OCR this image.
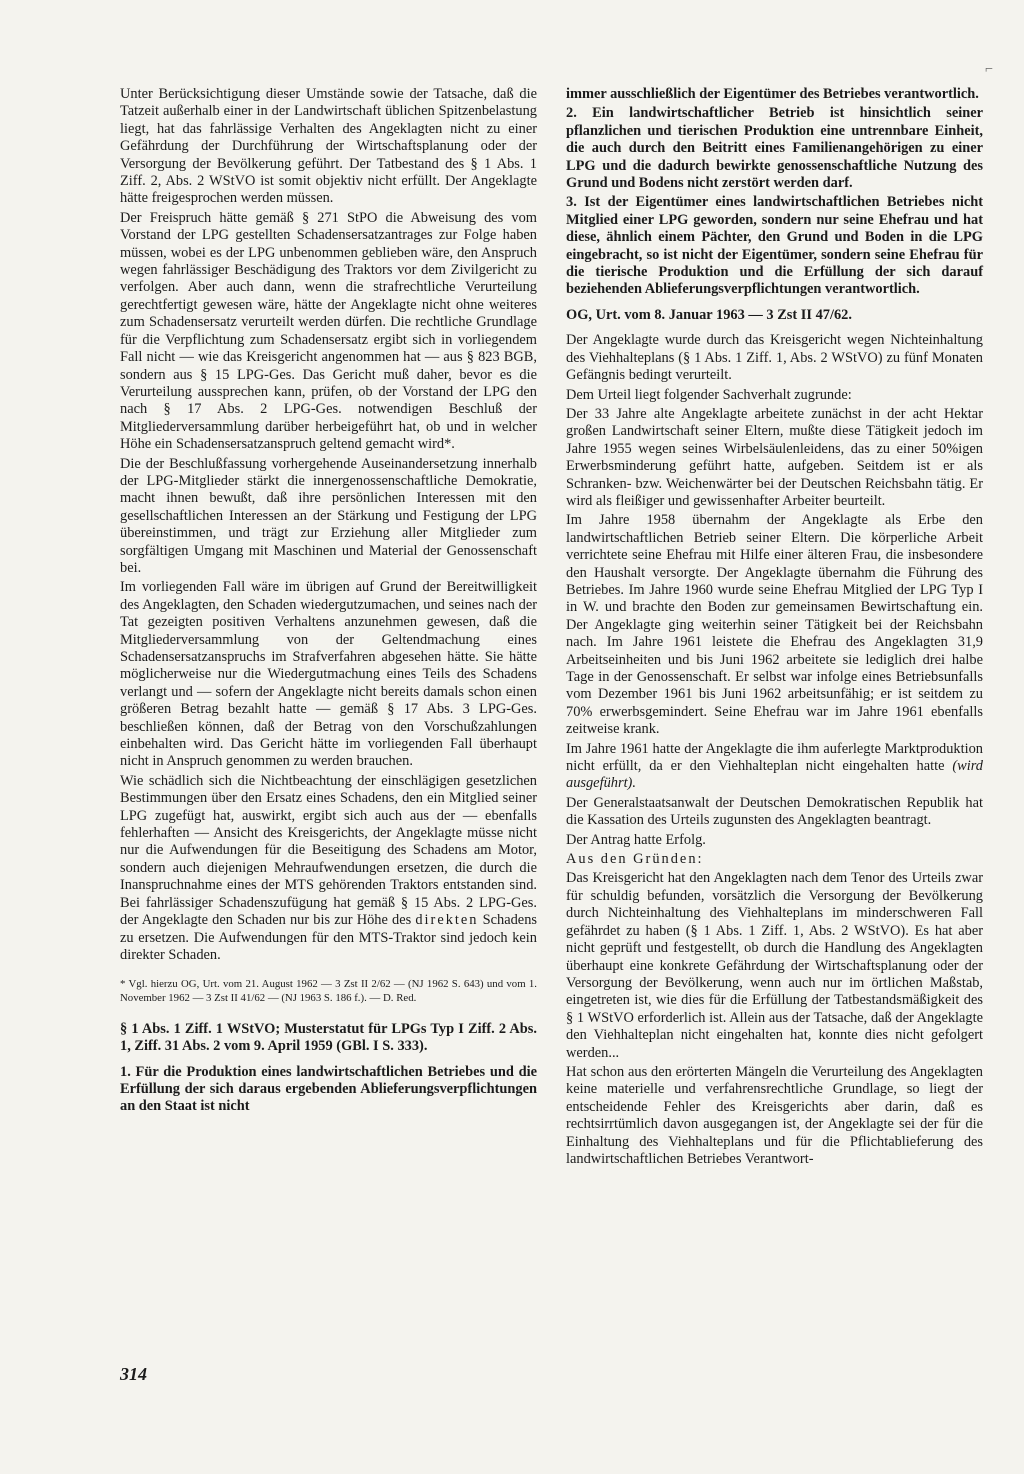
Unter Berücksichtigung dieser Umstände sowie der Tatsache, daß die Tatzeit außerhalb einer in der Landwirtschaft üblichen Spitzenbelastung liegt, hat das fahrlässige Verhalten des Angeklagten nicht zu einer Gefährdung der Durchführung der Wirtschaftsplanung oder der Versorgung der Bevölkerung geführt. Der Tatbestand des § 1 Abs. 1 Ziff. 2, Abs. 2 WStVO ist somit objektiv nicht erfüllt. Der Angeklagte hätte freigesprochen werden müssen.

Der Freispruch hätte gemäß § 271 StPO die Abweisung des vom Vorstand der LPG gestellten Schadensersatzantrages zur Folge haben müssen, wobei es der LPG unbenommen geblieben wäre, den Anspruch wegen fahrlässiger Beschädigung des Traktors vor dem Zivilgericht zu verfolgen. Aber auch dann, wenn die strafrechtliche Verurteilung gerechtfertigt gewesen wäre, hätte der Angeklagte nicht ohne weiteres zum Schadensersatz verurteilt werden dürfen. Die rechtliche Grundlage für die Verpflichtung zum Schadensersatz ergibt sich in vorliegendem Fall nicht — wie das Kreisgericht angenommen hat — aus § 823 BGB, sondern aus § 15 LPG-Ges. Das Gericht muß daher, bevor es die Verurteilung aussprechen kann, prüfen, ob der Vorstand der LPG den nach § 17 Abs. 2 LPG-Ges. notwendigen Beschluß der Mitgliederversammlung darüber herbeigeführt hat, ob und in welcher Höhe ein Schadensersatzanspruch geltend gemacht wird*.

Die der Beschlußfassung vorhergehende Auseinandersetzung innerhalb der LPG-Mitglieder stärkt die innergenossenschaftliche Demokratie, macht ihnen bewußt, daß ihre persönlichen Interessen mit den gesellschaftlichen Interessen an der Stärkung und Festigung der LPG übereinstimmen, und trägt zur Erziehung aller Mitglieder zum sorgfältigen Umgang mit Maschinen und Material der Genossenschaft bei.

Im vorliegenden Fall wäre im übrigen auf Grund der Bereitwilligkeit des Angeklagten, den Schaden wiedergutzumachen, und seines nach der Tat gezeigten positiven Verhaltens anzunehmen gewesen, daß die Mitgliederversammlung von der Geltendmachung eines Schadensersatzanspruchs im Strafverfahren abgesehen hätte. Sie hätte möglicherweise nur die Wiedergutmachung eines Teils des Schadens verlangt und — sofern der Angeklagte nicht bereits damals schon einen größeren Betrag bezahlt hatte — gemäß § 17 Abs. 3 LPG-Ges. beschließen können, daß der Betrag von den Vorschußzahlungen einbehalten wird. Das Gericht hätte im vorliegenden Fall überhaupt nicht in Anspruch genommen zu werden brauchen.

Wie schädlich sich die Nichtbeachtung der einschlägigen gesetzlichen Bestimmungen über den Ersatz eines Schadens, den ein Mitglied seiner LPG zugefügt hat, auswirkt, ergibt sich auch aus der — ebenfalls fehlerhaften — Ansicht des Kreisgerichts, der Angeklagte müsse nicht nur die Aufwendungen für die Beseitigung des Schadens am Motor, sondern auch diejenigen Mehraufwendungen ersetzen, die durch die Inanspruchnahme eines der MTS gehörenden Traktors entstanden sind. Bei fahrlässiger Schadenszufügung hat gemäß § 15 Abs. 2 LPG-Ges. der Angeklagte den Schaden nur bis zur Höhe des direkten Schadens zu ersetzen. Die Aufwendungen für den MTS-Traktor sind jedoch kein direkter Schaden.

* Vgl. hierzu OG, Urt. vom 21. August 1962 — 3 Zst II 2/62 — (NJ 1962 S. 643) und vom 1. November 1962 — 3 Zst II 41/62 — (NJ 1963 S. 186 f.). — D. Red.

§ 1 Abs. 1 Ziff. 1 WStVO; Musterstatut für LPGs Typ I Ziff. 2 Abs. 1, Ziff. 31 Abs. 2 vom 9. April 1959 (GBl. I S. 333).

1. Für die Produktion eines landwirtschaftlichen Betriebes und die Erfüllung der sich daraus ergebenden Ablieferungsverpflichtungen an den Staat ist nicht

immer ausschließlich der Eigentümer des Betriebes verantwortlich.

2. Ein landwirtschaftlicher Betrieb ist hinsichtlich seiner pflanzlichen und tierischen Produktion eine untrennbare Einheit, die auch durch den Beitritt eines Familienangehörigen zu einer LPG und die dadurch bewirkte genossenschaftliche Nutzung des Grund und Bodens nicht zerstört werden darf.

3. Ist der Eigentümer eines landwirtschaftlichen Betriebes nicht Mitglied einer LPG geworden, sondern nur seine Ehefrau und hat diese, ähnlich einem Pächter, den Grund und Boden in die LPG eingebracht, so ist nicht der Eigentümer, sondern seine Ehefrau für die tierische Produktion und die Erfüllung der sich darauf beziehenden Ablieferungsverpflichtungen verantwortlich.

OG, Urt. vom 8. Januar 1963 — 3 Zst II 47/62.

Der Angeklagte wurde durch das Kreisgericht wegen Nichteinhaltung des Viehhalteplans (§ 1 Abs. 1 Ziff. 1, Abs. 2 WStVO) zu fünf Monaten Gefängnis bedingt verurteilt.

Dem Urteil liegt folgender Sachverhalt zugrunde:

Der 33 Jahre alte Angeklagte arbeitete zunächst in der acht Hektar großen Landwirtschaft seiner Eltern, mußte diese Tätigkeit jedoch im Jahre 1955 wegen seines Wirbelsäulenleidens, das zu einer 50%igen Erwerbsminderung geführt hatte, aufgeben. Seitdem ist er als Schranken- bzw. Weichenwärter bei der Deutschen Reichsbahn tätig. Er wird als fleißiger und gewissenhafter Arbeiter beurteilt.

Im Jahre 1958 übernahm der Angeklagte als Erbe den landwirtschaftlichen Betrieb seiner Eltern. Die körperliche Arbeit verrichtete seine Ehefrau mit Hilfe einer älteren Frau, die insbesondere den Haushalt versorgte. Der Angeklagte übernahm die Führung des Betriebes. Im Jahre 1960 wurde seine Ehefrau Mitglied der LPG Typ I in W. und brachte den Boden zur gemeinsamen Bewirtschaftung ein. Der Angeklagte ging weiterhin seiner Tätigkeit bei der Reichsbahn nach. Im Jahre 1961 leistete die Ehefrau des Angeklagten 31,9 Arbeitseinheiten und bis Juni 1962 arbeitete sie lediglich drei halbe Tage in der Genossenschaft. Er selbst war infolge eines Betriebsunfalls vom Dezember 1961 bis Juni 1962 arbeitsunfähig; er ist seitdem zu 70% erwerbsgemindert. Seine Ehefrau war im Jahre 1961 ebenfalls zeitweise krank.

Im Jahre 1961 hatte der Angeklagte die ihm auferlegte Marktproduktion nicht erfüllt, da er den Viehhalteplan nicht eingehalten hatte (wird ausgeführt).

Der Generalstaatsanwalt der Deutschen Demokratischen Republik hat die Kassation des Urteils zugunsten des Angeklagten beantragt.

Der Antrag hatte Erfolg.

Aus den Gründen:

Das Kreisgericht hat den Angeklagten nach dem Tenor des Urteils zwar für schuldig befunden, vorsätzlich die Versorgung der Bevölkerung durch Nichteinhaltung des Viehhalteplans im minderschweren Fall gefährdet zu haben (§ 1 Abs. 1 Ziff. 1, Abs. 2 WStVO). Es hat aber nicht geprüft und festgestellt, ob durch die Handlung des Angeklagten überhaupt eine konkrete Gefährdung der Wirtschaftsplanung oder der Versorgung der Bevölkerung, wenn auch nur im örtlichen Maßstab, eingetreten ist, wie dies für die Erfüllung der Tatbestandsmäßigkeit des § 1 WStVO erforderlich ist. Allein aus der Tatsache, daß der Angeklagte den Viehhalteplan nicht eingehalten hat, konnte dies nicht gefolgert werden...

Hat schon aus den erörterten Mängeln die Verurteilung des Angeklagten keine materielle und verfahrensrechtliche Grundlage, so liegt der entscheidende Fehler des Kreisgerichts aber darin, daß es rechtsirrtümlich davon ausgegangen ist, der Angeklagte sei der für die Einhaltung des Viehhalteplans und für die Pflichtablieferung des landwirtschaftlichen Betriebes Verantwort-

314
⌐
